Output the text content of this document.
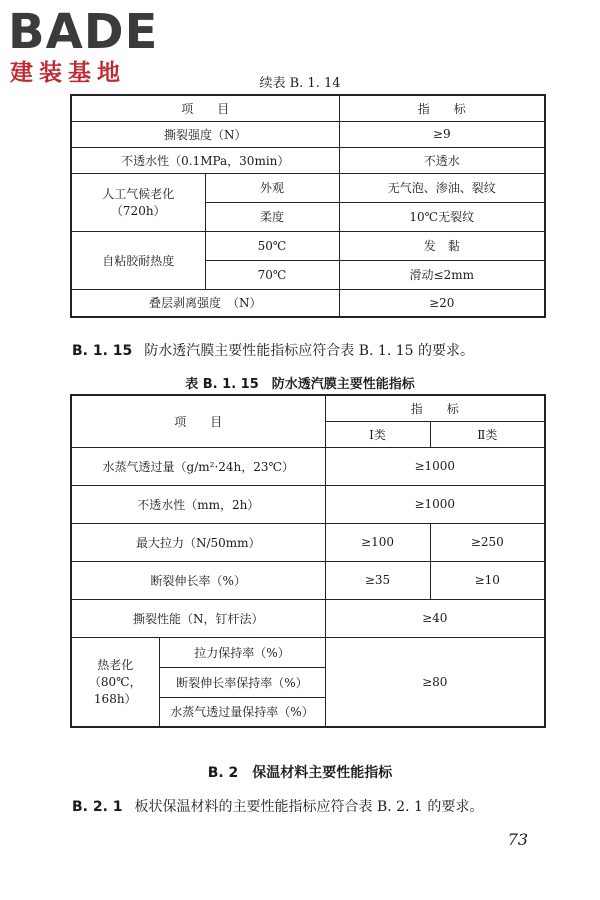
BADE
建装基地	续表 B. 1. 14
项　　目		指　　标
撕裂强度（N）		≥9
不透水性（0.1MPa，30min）		不透水

人工气候老化
（720h）	外观	无气泡、渗油、裂纹
	柔度	10℃无裂纹
自粘胶耐热度	50℃	发　黏
	70℃	滑动≤2mm
叠层剥离强度　（N）		≥20
B. 1. 15 防水透汽膜主要性能指标应符合表 B. 1. 15 的要求。
表 B. 1. 15　防水透汽膜主要性能指标
项　　目		指　　标	
		Ⅰ类	Ⅱ类
水蒸气透过量（g/m²·24h，23℃）		≥1000	
不透水性（mm，2h）		≥1000	
最大拉力（N/50mm）		≥100	≥250
断裂伸长率（%）		≥35	≥10
撕裂性能（N，钉杆法）		≥40	

热老化（80℃，
168h）	拉力保持率（%）	≥80	
	断裂伸长率保持率（%）		
	水蒸气透过量保持率（%）		
B. 2　保温材料主要性能指标
B. 2. 1 板状保温材料的主要性能指标应符合表 B. 2. 1 的要求。
73
